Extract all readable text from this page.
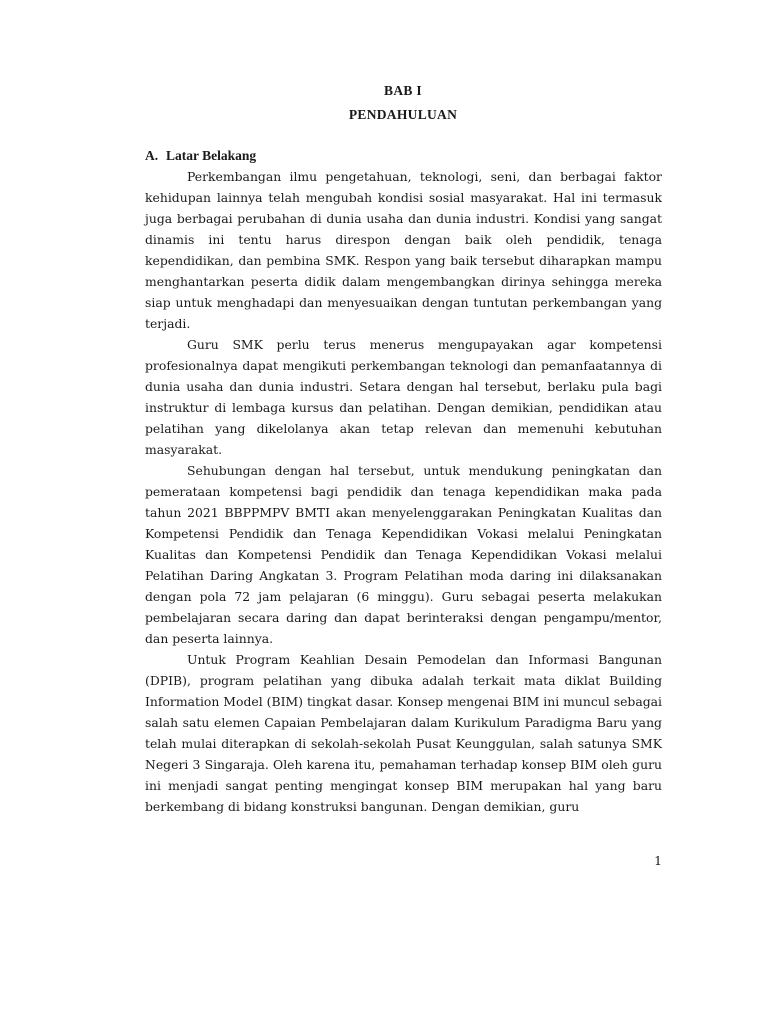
BAB I
PENDAHULUAN
A. Latar Belakang

Perkembangan ilmu pengetahuan, teknologi, seni, dan berbagai faktor kehidupan lainnya telah mengubah kondisi sosial masyarakat. Hal ini termasuk juga berbagai perubahan di dunia usaha dan dunia industri. Kondisi yang sangat dinamis ini tentu harus direspon dengan baik oleh pendidik, tenaga kependidikan, dan pembina SMK. Respon yang baik tersebut diharapkan mampu menghantarkan peserta didik dalam mengembangkan dirinya sehingga mereka siap untuk menghadapi dan menyesuaikan dengan tuntutan perkembangan yang terjadi.

Guru SMK perlu terus menerus mengupayakan agar kompetensi profesionalnya dapat mengikuti perkembangan teknologi dan pemanfaatannya di dunia usaha dan dunia industri. Setara dengan hal tersebut, berlaku pula bagi instruktur di lembaga kursus dan pelatihan. Dengan demikian, pendidikan atau pelatihan yang dikelolanya akan tetap relevan dan memenuhi kebutuhan masyarakat.

Sehubungan dengan hal tersebut, untuk mendukung peningkatan dan pemerataan kompetensi bagi pendidik dan tenaga kependidikan maka pada tahun 2021 BBPPMPV BMTI akan menyelenggarakan Peningkatan Kualitas dan Kompetensi Pendidik dan Tenaga Kependidikan Vokasi melalui Peningkatan Kualitas dan Kompetensi Pendidik dan Tenaga Kependidikan Vokasi melalui Pelatihan Daring Angkatan 3. Program Pelatihan moda daring ini dilaksanakan dengan pola 72 jam pelajaran (6 minggu). Guru sebagai peserta melakukan pembelajaran secara daring dan dapat berinteraksi dengan pengampu/mentor, dan peserta lainnya.

Untuk Program Keahlian Desain Pemodelan dan Informasi Bangunan (DPIB), program pelatihan yang dibuka adalah terkait mata diklat Building Information Model (BIM) tingkat dasar. Konsep mengenai BIM ini muncul sebagai salah satu elemen Capaian Pembelajaran dalam Kurikulum Paradigma Baru yang telah mulai diterapkan di sekolah-sekolah Pusat Keunggulan, salah satunya SMK Negeri 3 Singaraja. Oleh karena itu, pemahaman terhadap konsep BIM oleh guru ini menjadi sangat penting mengingat konsep BIM merupakan hal yang baru berkembang di bidang konstruksi bangunan. Dengan demikian, guru

1
